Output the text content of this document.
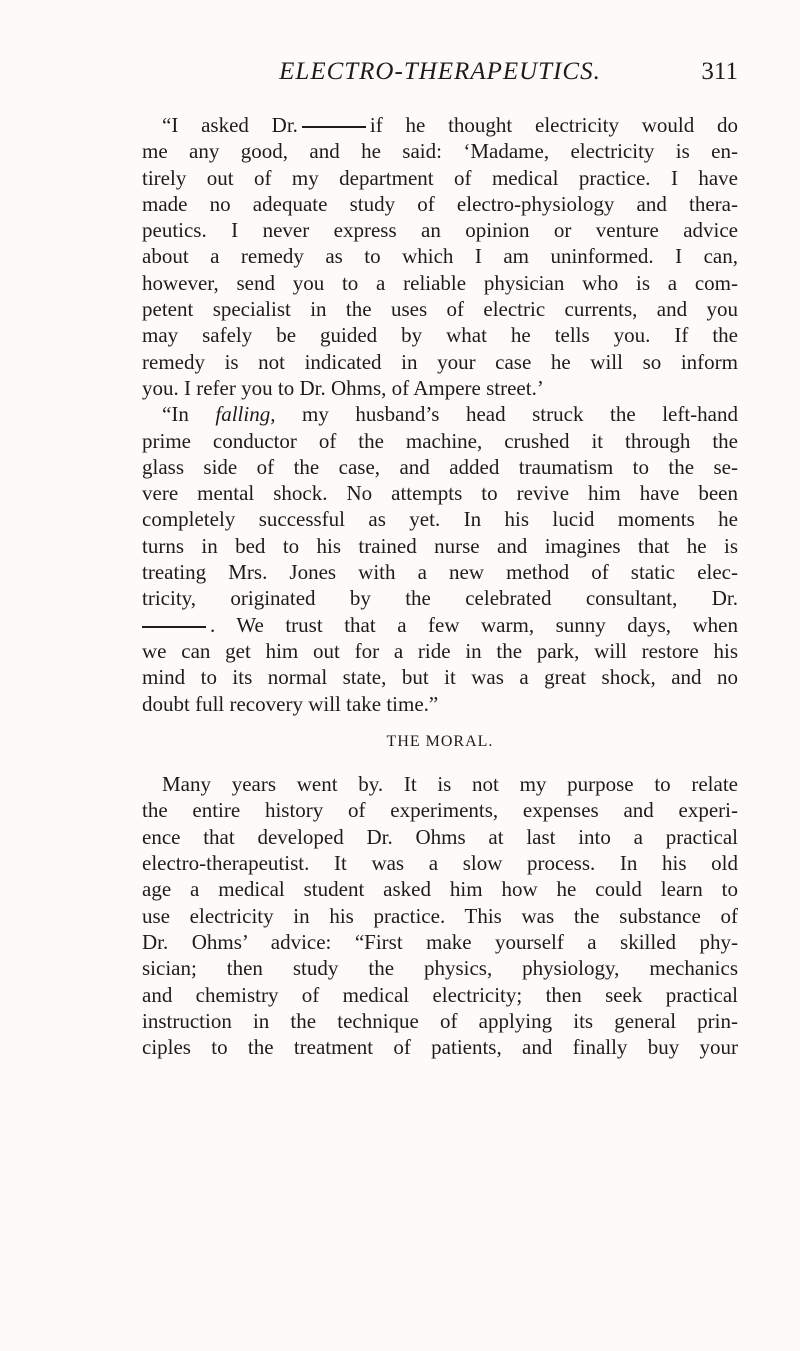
ELECTRO-THERAPEUTICS.	311
“I asked Dr.	if he thought electricity would do
me any good, and he said: ‘Madame, electricity is en-
tirely out of my department of medical practice. I have
made no adequate study of electro-physiology and thera-
peutics. I never express an opinion or venture advice
about a remedy as to which I am uninformed. I can,
however, send you to a reliable physician who is a com-
petent specialist in the uses of electric currents, and you
may safely be guided by what he tells you. If the
remedy is not indicated in your case he will so inform
you. I refer you to Dr. Ohms, of Ampere street.’
“In falling, my husband’s head struck the left-hand
prime conductor of the machine, crushed it through the
glass side of the case, and added traumatism to the se-
vere mental shock. No attempts to revive him have been
completely successful as yet. In his lucid moments he
turns in bed to his trained nurse and imagines that he is
treating Mrs. Jones with a new method of static elec-
tricity, originated by the celebrated consultant, Dr.
. We trust that a few warm, sunny days, when
we can get him out for a ride in the park, will restore his
mind to its normal state, but it was a great shock, and no
doubt full recovery will take time.”
THE MORAL.
Many years went by. It is not my purpose to relate
the entire history of experiments, expenses and experi-
ence that developed Dr. Ohms at last into a practical
electro-therapeutist. It was a slow process. In his old
age a medical student asked him how he could learn to
use electricity in his practice. This was the substance of
Dr. Ohms’ advice: “First make yourself a skilled phy-
sician; then study the physics, physiology, mechanics
and chemistry of medical electricity; then seek practical
instruction in the technique of applying its general prin-
ciples to the treatment of patients, and finally buy your
